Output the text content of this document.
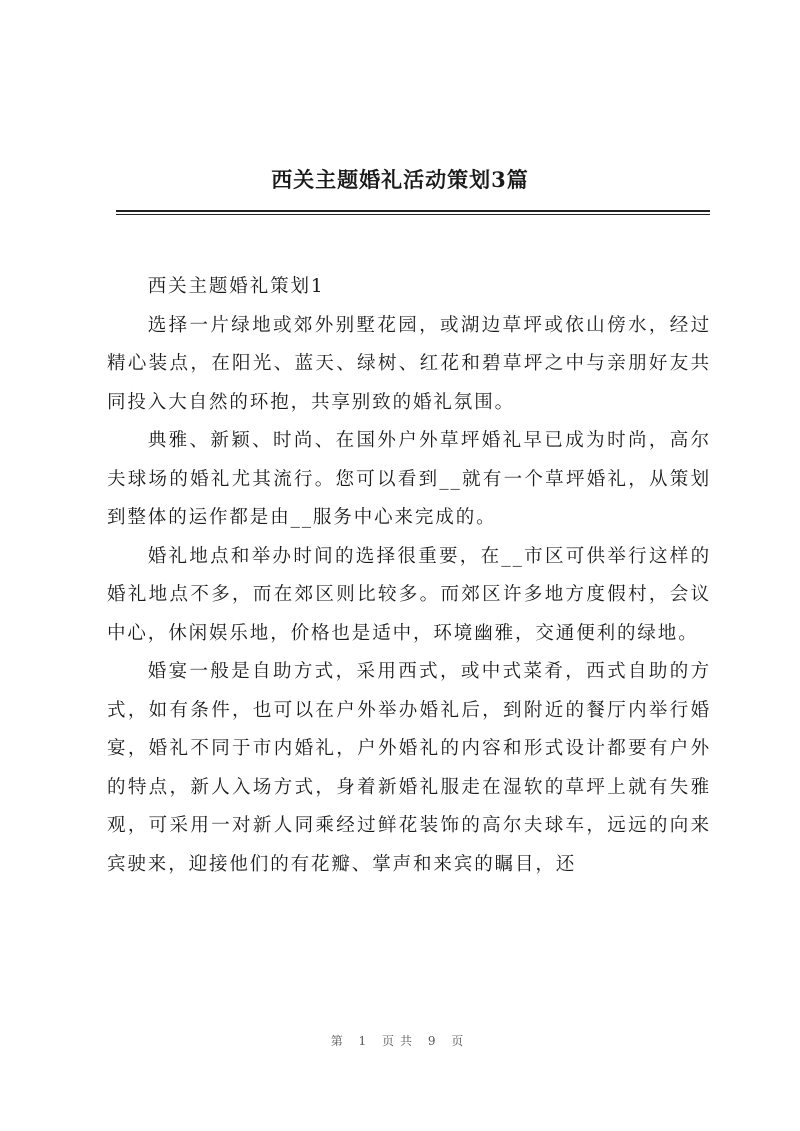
西关主题婚礼活动策划3篇

西关主题婚礼策划1

选择一片绿地或郊外别墅花园，或湖边草坪或依山傍水，经过精心装点，在阳光、蓝天、绿树、红花和碧草坪之中与亲朋好友共同投入大自然的环抱，共享别致的婚礼氛围。

典雅、新颖、时尚、在国外户外草坪婚礼早已成为时尚，高尔夫球场的婚礼尤其流行。您可以看到__就有一个草坪婚礼，从策划到整体的运作都是由__服务中心来完成的。

婚礼地点和举办时间的选择很重要，在__市区可供举行这样的婚礼地点不多，而在郊区则比较多。而郊区许多地方度假村，会议中心，休闲娱乐地，价格也是适中，环境幽雅，交通便利的绿地。

婚宴一般是自助方式，采用西式，或中式菜肴，西式自助的方式，如有条件，也可以在户外举办婚礼后，到附近的餐厅内举行婚宴，婚礼不同于市内婚礼，户外婚礼的内容和形式设计都要有户外的特点，新人入场方式，身着新婚礼服走在湿软的草坪上就有失雅观，可采用一对新人同乘经过鲜花装饰的高尔夫球车，远远的向来宾驶来，迎接他们的有花瓣、掌声和来宾的瞩目，还

第 1 页共 9 页
